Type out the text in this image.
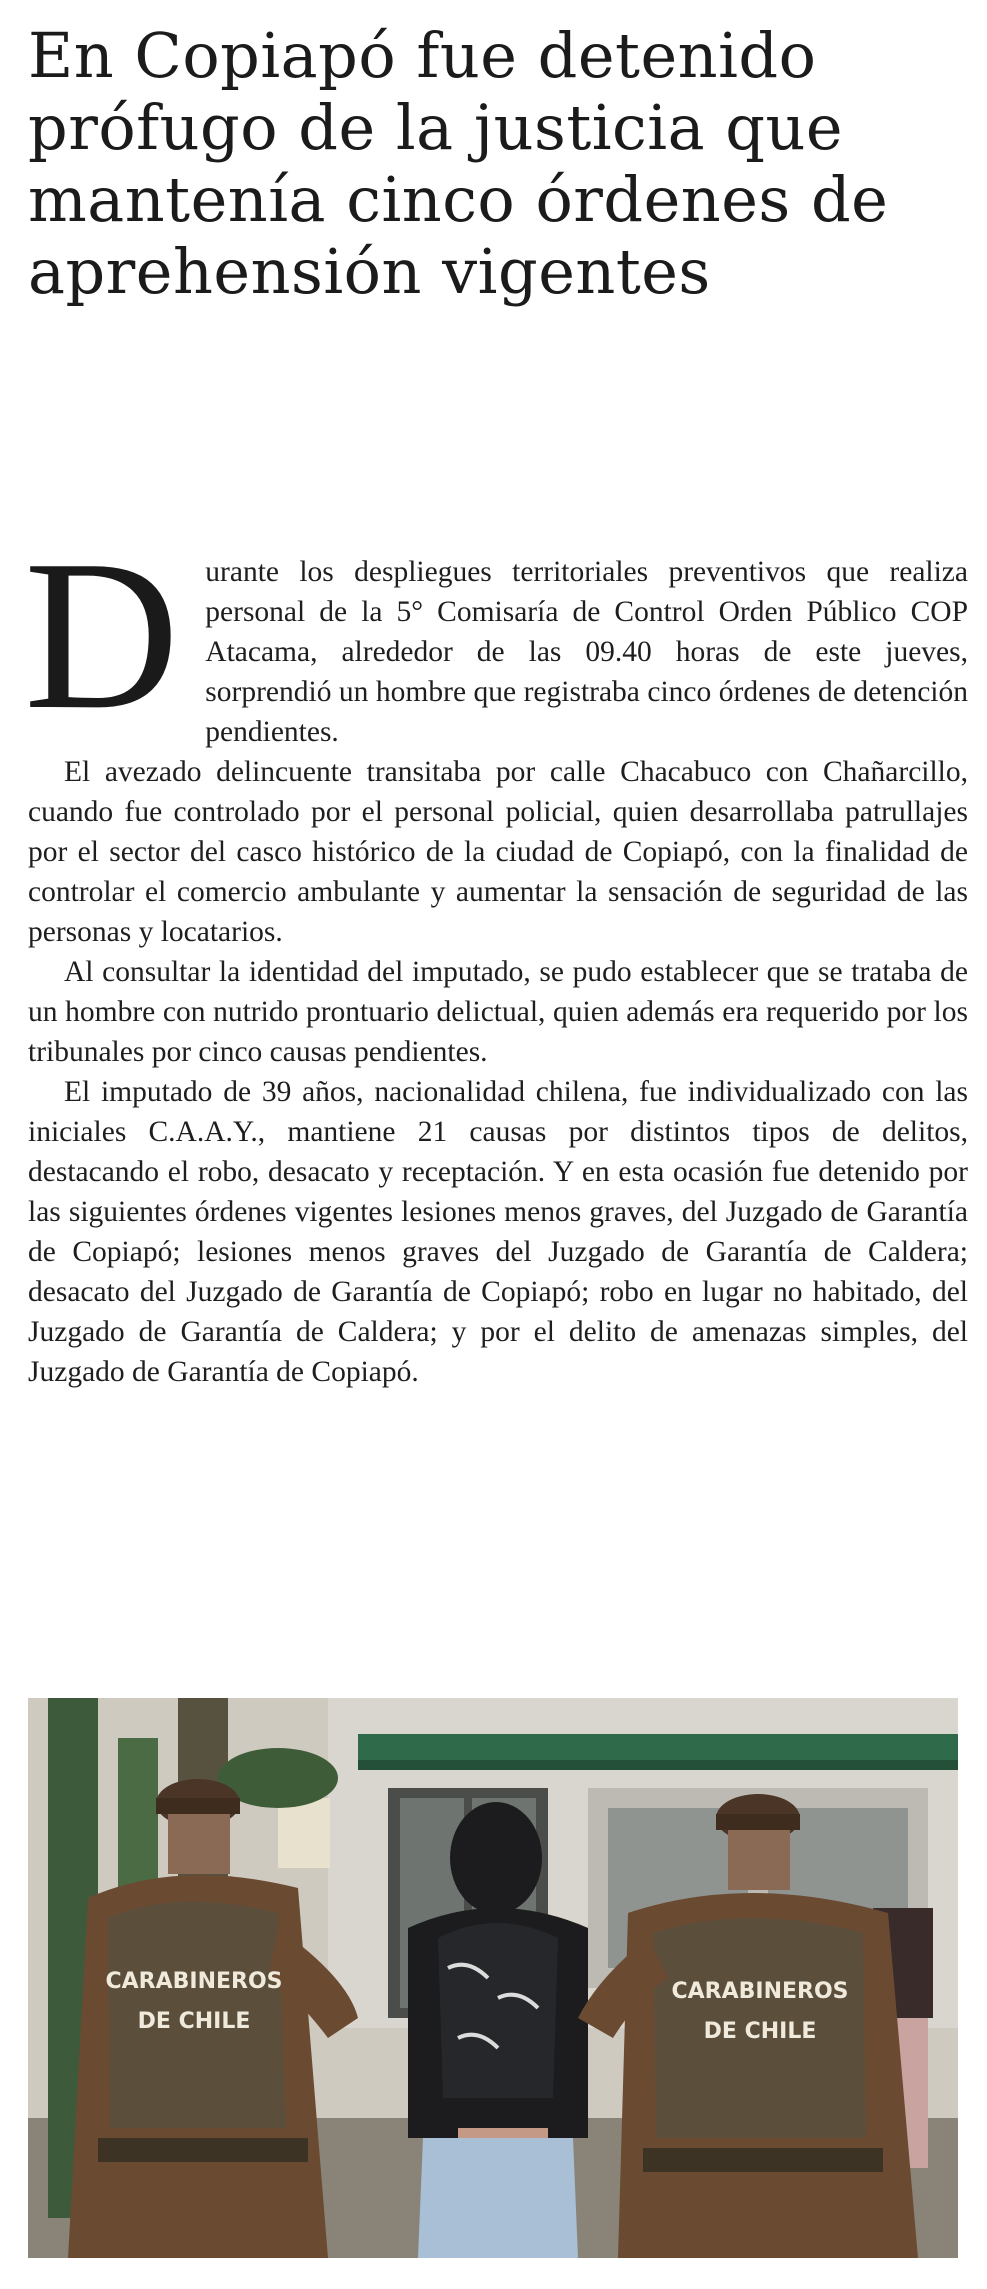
En Copiapó fue detenido prófugo de la justicia que mantenía cinco órdenes de aprehensión vigentes

Durante los despliegues territoriales preventivos que realiza personal de la 5° Comisaría de Control Orden Público COP Atacama, alrededor de las 09.40 horas de este jueves, sorprendió un hombre que registraba cinco órdenes de detención pendientes.

El avezado delincuente transitaba por calle Chacabuco con Chañarcillo, cuando fue controlado por el personal policial, quien desarrollaba patrullajes por el sector del casco histórico de la ciudad de Copiapó, con la finalidad de controlar el comercio ambulante y aumentar la sensación de seguridad de las personas y locatarios.

Al consultar la identidad del imputado, se pudo establecer que se trataba de un hombre con nutrido prontuario delictual, quien además era requerido por los tribunales por cinco causas pendientes.

El imputado de 39 años, nacionalidad chilena, fue individualizado con las iniciales C.A.A.Y., mantiene 21 causas por distintos tipos de delitos, destacando el robo, desacato y receptación. Y en esta ocasión fue detenido por las siguientes órdenes vigentes lesiones menos graves, del Juzgado de Garantía de Copiapó; lesiones menos graves del Juzgado de Garantía de Caldera; desacato del Juzgado de Garantía de Copiapó; robo en lugar no habitado, del Juzgado de Garantía de Caldera; y por el delito de amenazas simples, del Juzgado de Garantía de Copiapó.

CARABINEROS
DE CHILE
CARABINEROS
DE CHILE
